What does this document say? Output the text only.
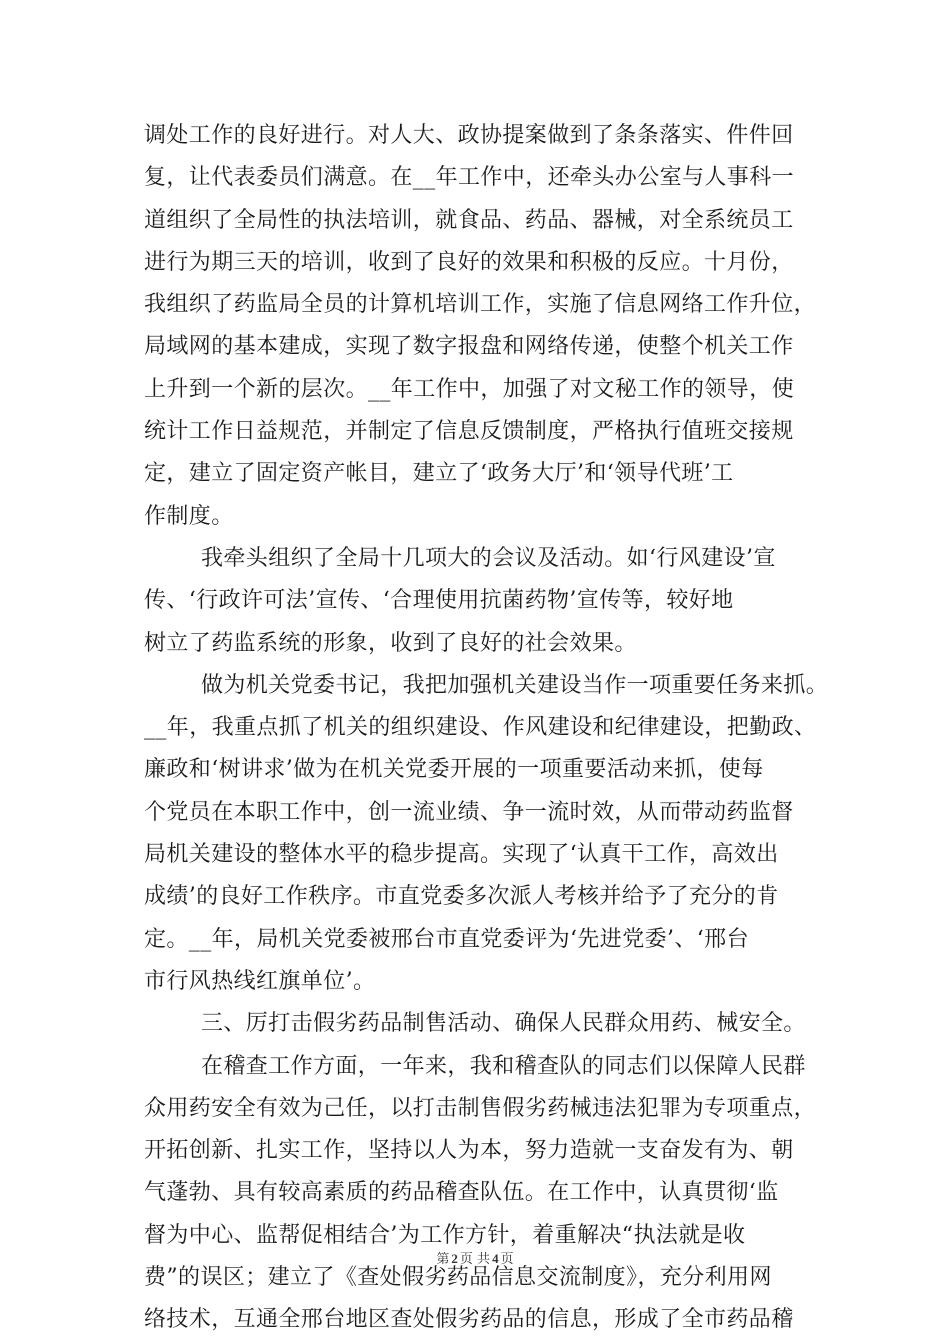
调处工作的良好进行。对人大、政协提案做到了条条落实、件件回
复，让代表委员们满意。在__年工作中，还牵头办公室与人事科一
道组织了全局性的执法培训，就食品、药品、器械，对全系统员工
进行为期三天的培训，收到了良好的效果和积极的反应。十月份，
我组织了药监局全员的计算机培训工作，实施了信息网络工作升位，
局域网的基本建成，实现了数字报盘和网络传递，使整个机关工作
上升到一个新的层次。__年工作中，加强了对文秘工作的领导，使
统计工作日益规范，并制定了信息反馈制度，严格执行值班交接规
定，建立了固定资产帐目，建立了‘政务大厅’和‘领导代班’工
作制度。
我牵头组织了全局十几项大的会议及活动。如‘行风建设’宣
传、‘行政许可法’宣传、‘合理使用抗菌药物’宣传等，较好地
树立了药监系统的形象，收到了良好的社会效果。
做为机关党委书记，我把加强机关建设当作一项重要任务来抓。
__年，我重点抓了机关的组织建设、作风建设和纪律建设，把勤政、
廉政和‘树讲求’做为在机关党委开展的一项重要活动来抓，使每
个党员在本职工作中，创一流业绩、争一流时效，从而带动药监督
局机关建设的整体水平的稳步提高。实现了‘认真干工作，高效出
成绩’的良好工作秩序。市直党委多次派人考核并给予了充分的肯
定。__年，局机关党委被邢台市直党委评为‘先进党委’、‘邢台
市行风热线红旗单位’。
三、厉打击假劣药品制售活动、确保人民群众用药、械安全。
在稽查工作方面，一年来，我和稽查队的同志们以保障人民群
众用药安全有效为己任，以打击制售假劣药械违法犯罪为专项重点，
开拓创新、扎实工作，坚持以人为本，努力造就一支奋发有为、朝
气蓬勃、具有较高素质的药品稽查队伍。在工作中，认真贯彻‘监
督为中心、监帮促相结合’为工作方针，着重解决“执法就是收
费”的误区；建立了《查处假劣药品信息交流制度》，充分利用网
络技术，互通全邢台地区查处假劣药品的信息，形成了全市药品稽
第 2 页 共 4 页
